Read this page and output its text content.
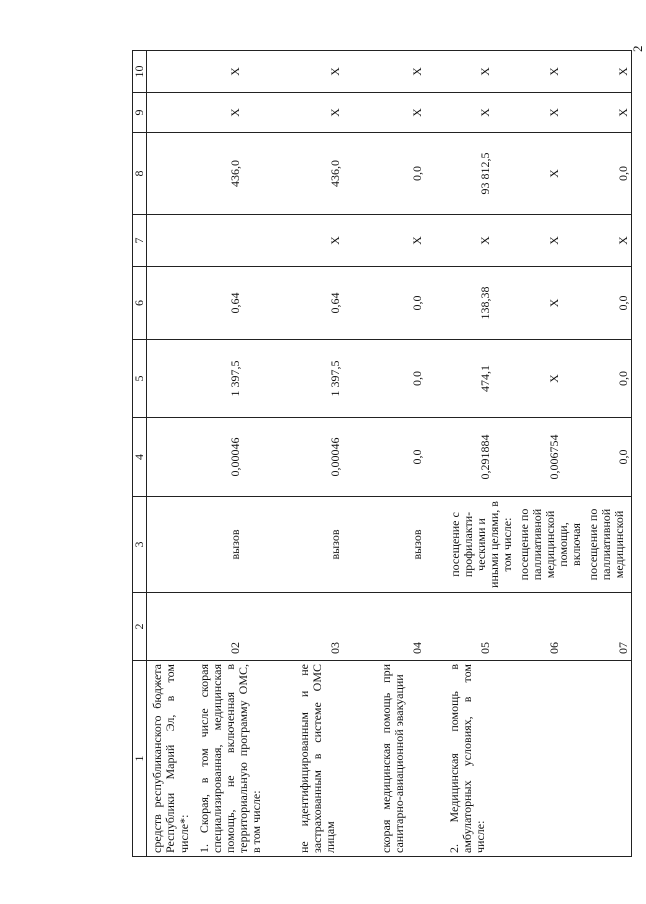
2
1	2	3	4	5	6	7	8	9	10
средств республиканского бюджета Республики Марий Эл, в том числе*:									
1. Скорая, в том числе скорая специализированная, медицинская помощь, не включенная в территориальную программу ОМС, в том числе:	02	вызов	0,00046	1 397,5	0,64		436,0	Х	Х
не идентифицированным и не застрахованным в системе ОМС лицам	03	вызов	0,00046	1 397,5	0,64	Х	436,0	Х	Х
скорая медицинская помощь при санитарно-авиационной эвакуации	04	вызов	0,0	0,0	0,0	Х	0,0	Х	Х
2. Медицинская помощь в амбулаторных условиях, в том числе:	05	посещение с профилакти-ческими и иными целями, в том числе:	0,291884	474,1	138,38	Х	93 812,5	Х	Х
	06	посещение по паллиативной медицинской помощи, включая	0,006754	Х	Х	Х	Х	Х	Х
	07	посещение по паллиативной медицинской	0,0	0,0	0,0	Х	0,0	Х	Х
